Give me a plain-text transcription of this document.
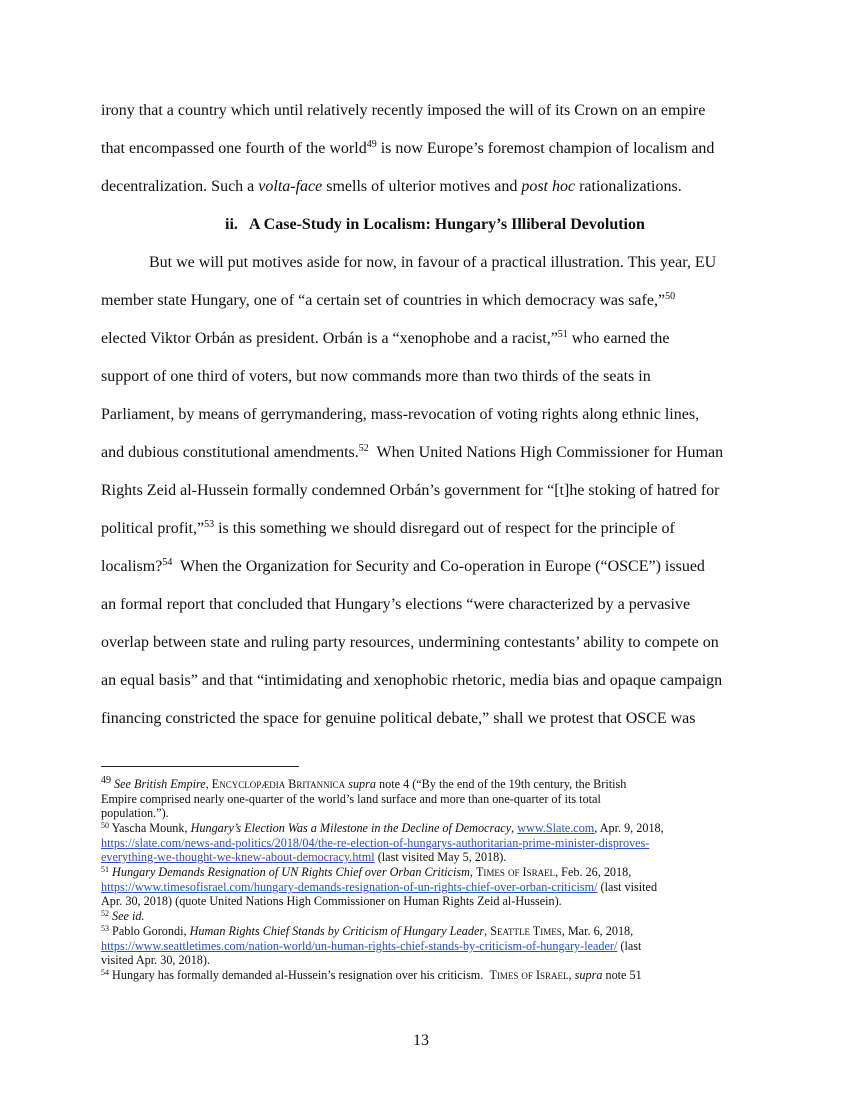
irony that a country which until relatively recently imposed the will of its Crown on an empire
that encompassed one fourth of the world$^{49}$ is now Europe’s foremost champion of localism and
decentralization. Such a volta-face smells of ulterior motives and post hoc rationalizations.
ii.   A Case-Study in Localism: Hungary’s Illiberal Devolution
But we will put motives aside for now, in favour of a practical illustration. This year, EU
member state Hungary, one of “a certain set of countries in which democracy was safe,”$^{50}$
elected Viktor Orbán as president. Orbán is a “xenophobe and a racist,”$^{51}$ who earned the
support of one third of voters, but now commands more than two thirds of the seats in
Parliament, by means of gerrymandering, mass-revocation of voting rights along ethnic lines,
and dubious constitutional amendments.$^{52}$  When United Nations High Commissioner for Human
Rights Zeid al-Hussein formally condemned Orbán’s government for “[t]he stoking of hatred for
political profit,”$^{53}$ is this something we should disregard out of respect for the principle of
localism?$^{54}$  When the Organization for Security and Co-operation in Europe (“OSCE”) issued
an formal report that concluded that Hungary’s elections “were characterized by a pervasive
overlap between state and ruling party resources, undermining contestants’ ability to compete on
an equal basis” and that “intimidating and xenophobic rhetoric, media bias and opaque campaign
financing constricted the space for genuine political debate,” shall we protest that OSCE was
$^{49}$ See British Empire, Encyclopædia Britannica supra note 4 (“By the end of the 19th century, the British
Empire comprised nearly one-quarter of the world’s land surface and more than one-quarter of its total
population.”).
$^{50}$ Yascha Mounk, Hungary’s Election Was a Milestone in the Decline of Democracy, www.Slate.com, Apr. 9, 2018,
https://slate.com/news-and-politics/2018/04/the-re-election-of-hungarys-authoritarian-prime-minister-disproves-
everything-we-thought-we-knew-about-democracy.html (last visited May 5, 2018).
$^{51}$ Hungary Demands Resignation of UN Rights Chief over Orban Criticism, Times of Israel, Feb. 26, 2018,
https://www.timesofisrael.com/hungary-demands-resignation-of-un-rights-chief-over-orban-criticism/ (last visited
Apr. 30, 2018) (quote United Nations High Commissioner on Human Rights Zeid al-Hussein).
$^{52}$ See id.
$^{53}$ Pablo Gorondi, Human Rights Chief Stands by Criticism of Hungary Leader, Seattle Times, Mar. 6, 2018,
https://www.seattletimes.com/nation-world/un-human-rights-chief-stands-by-criticism-of-hungary-leader/ (last
visited Apr. 30, 2018).
$^{54}$ Hungary has formally demanded al-Hussein’s resignation over his criticism.  Times of Israel, supra note 51
13
